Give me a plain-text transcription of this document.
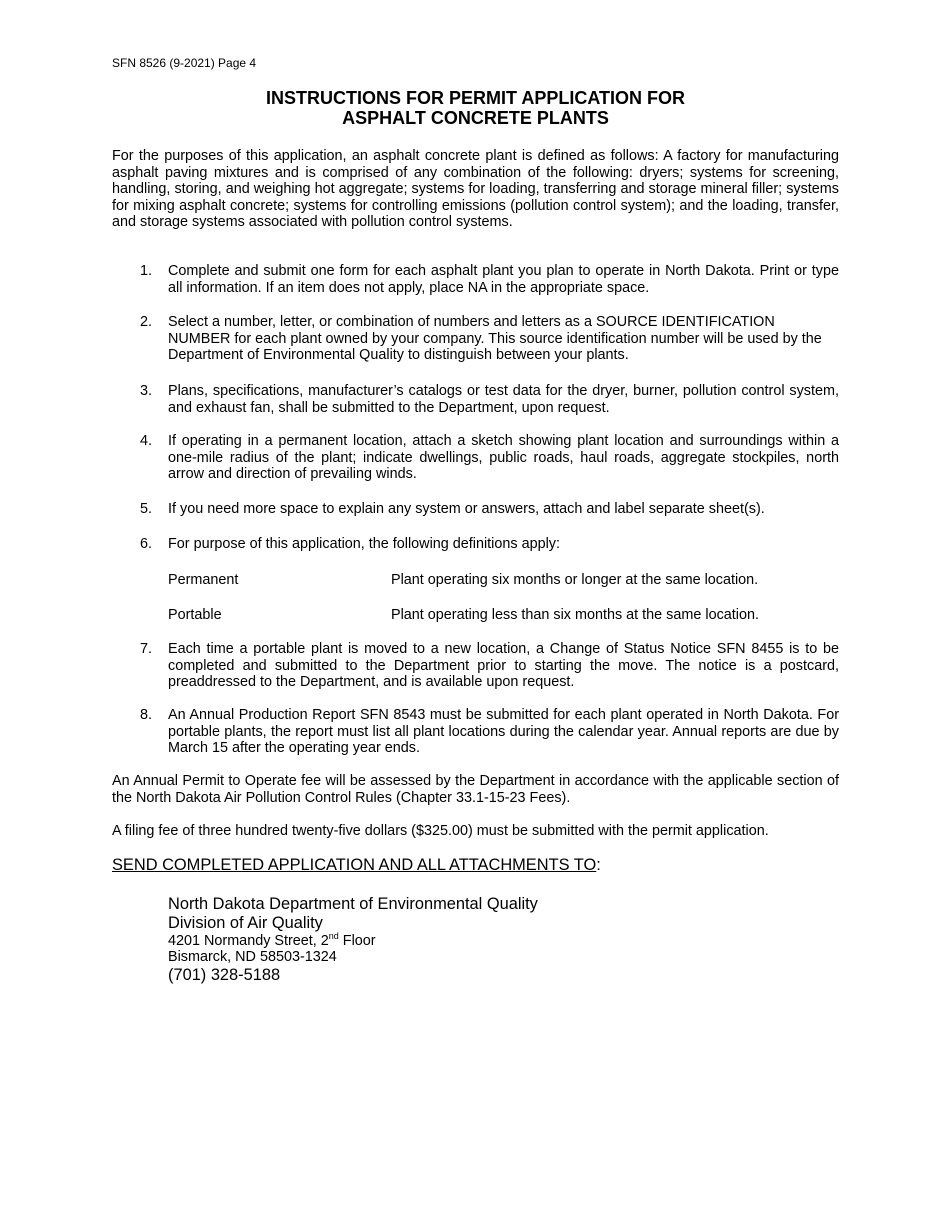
SFN 8526 (9-2021) Page 4
INSTRUCTIONS FOR PERMIT APPLICATION FOR
ASPHALT CONCRETE PLANTS
For the purposes of this application, an asphalt concrete plant is defined as follows: A factory for manufacturing asphalt paving mixtures and is comprised of any combination of the following: dryers; systems for screening, handling, storing, and weighing hot aggregate; systems for loading, transferring and storage mineral filler; systems for mixing asphalt concrete; systems for controlling emissions (pollution control system); and the loading, transfer, and storage systems associated with pollution control systems.
1. Complete and submit one form for each asphalt plant you plan to operate in North Dakota. Print or type all information. If an item does not apply, place NA in the appropriate space.
2. Select a number, letter, or combination of numbers and letters as a SOURCE IDENTIFICATION NUMBER for each plant owned by your company. This source identification number will be used by the Department of Environmental Quality to distinguish between your plants.
3. Plans, specifications, manufacturer’s catalogs or test data for the dryer, burner, pollution control system, and exhaust fan, shall be submitted to the Department, upon request.
4. If operating in a permanent location, attach a sketch showing plant location and surroundings within a one-mile radius of the plant; indicate dwellings, public roads, haul roads, aggregate stockpiles, north arrow and direction of prevailing winds.
5. If you need more space to explain any system or answers, attach and label separate sheet(s).
6. For purpose of this application, the following definitions apply:
Permanent	Plant operating six months or longer at the same location.
Portable	Plant operating less than six months at the same location.
7. Each time a portable plant is moved to a new location, a Change of Status Notice SFN 8455 is to be completed and submitted to the Department prior to starting the move. The notice is a postcard, preaddressed to the Department, and is available upon request.
8. An Annual Production Report SFN 8543 must be submitted for each plant operated in North Dakota. For portable plants, the report must list all plant locations during the calendar year. Annual reports are due by March 15 after the operating year ends.
An Annual Permit to Operate fee will be assessed by the Department in accordance with the applicable section of the North Dakota Air Pollution Control Rules (Chapter 33.1-15-23 Fees).
A filing fee of three hundred twenty-five dollars ($325.00) must be submitted with the permit application.
SEND COMPLETED APPLICATION AND ALL ATTACHMENTS TO:
North Dakota Department of Environmental Quality
Division of Air Quality
4201 Normandy Street, 2nd Floor
Bismarck, ND 58503-1324
(701) 328-5188
